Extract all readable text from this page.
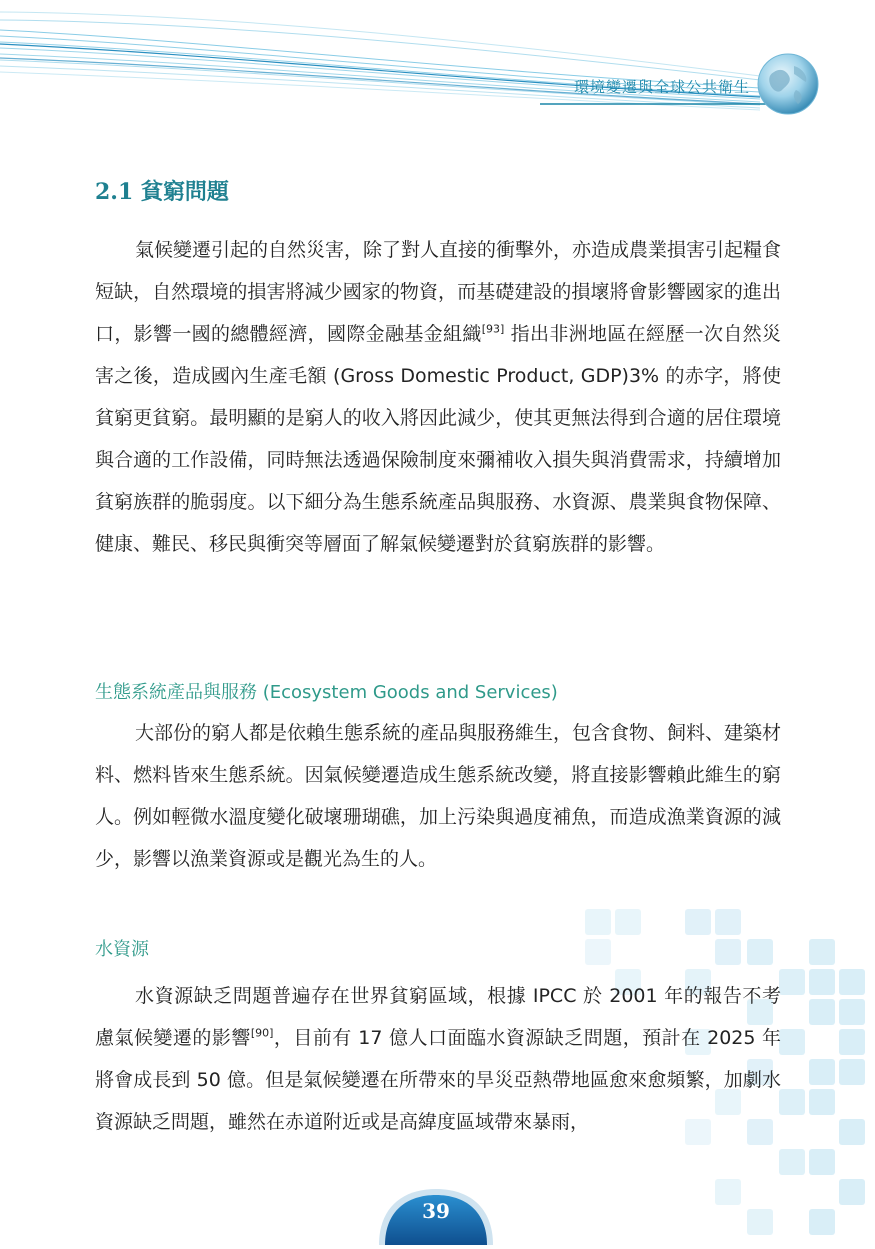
環境變遷與全球公共衛生
2.1 貧窮問題

氣候變遷引起的自然災害，除了對人直接的衝擊外，亦造成農業損害引起糧食短缺，自然環境的損害將減少國家的物資，而基礎建設的損壞將會影響國家的進出口，影響一國的總體經濟，國際金融基金組織[93] 指出非洲地區在經歷一次自然災害之後，造成國內生產毛額 (Gross Domestic Product, GDP)3% 的赤字，將使貧窮更貧窮。最明顯的是窮人的收入將因此減少，使其更無法得到合適的居住環境與合適的工作設備，同時無法透過保險制度來彌補收入損失與消費需求，持續增加貧窮族群的脆弱度。以下細分為生態系統產品與服務、水資源、農業與食物保障、健康、難民、移民與衝突等層面了解氣候變遷對於貧窮族群的影響。

生態系統產品與服務 (Ecosystem Goods and Services)

大部份的窮人都是依賴生態系統的產品與服務維生，包含食物、飼料、建築材料、燃料皆來生態系統。因氣候變遷造成生態系統改變，將直接影響賴此維生的窮人。例如輕微水溫度變化破壞珊瑚礁，加上污染與過度補魚，而造成漁業資源的減少，影響以漁業資源或是觀光為生的人。

水資源

水資源缺乏問題普遍存在世界貧窮區域，根據 IPCC 於 2001 年的報告不考慮氣候變遷的影響[90]，目前有 17 億人口面臨水資源缺乏問題，預計在 2025 年將會成長到 50 億。但是氣候變遷在所帶來的旱災亞熱帶地區愈來愈頻繁，加劇水資源缺乏問題，雖然在赤道附近或是高緯度區域帶來暴雨，

39
